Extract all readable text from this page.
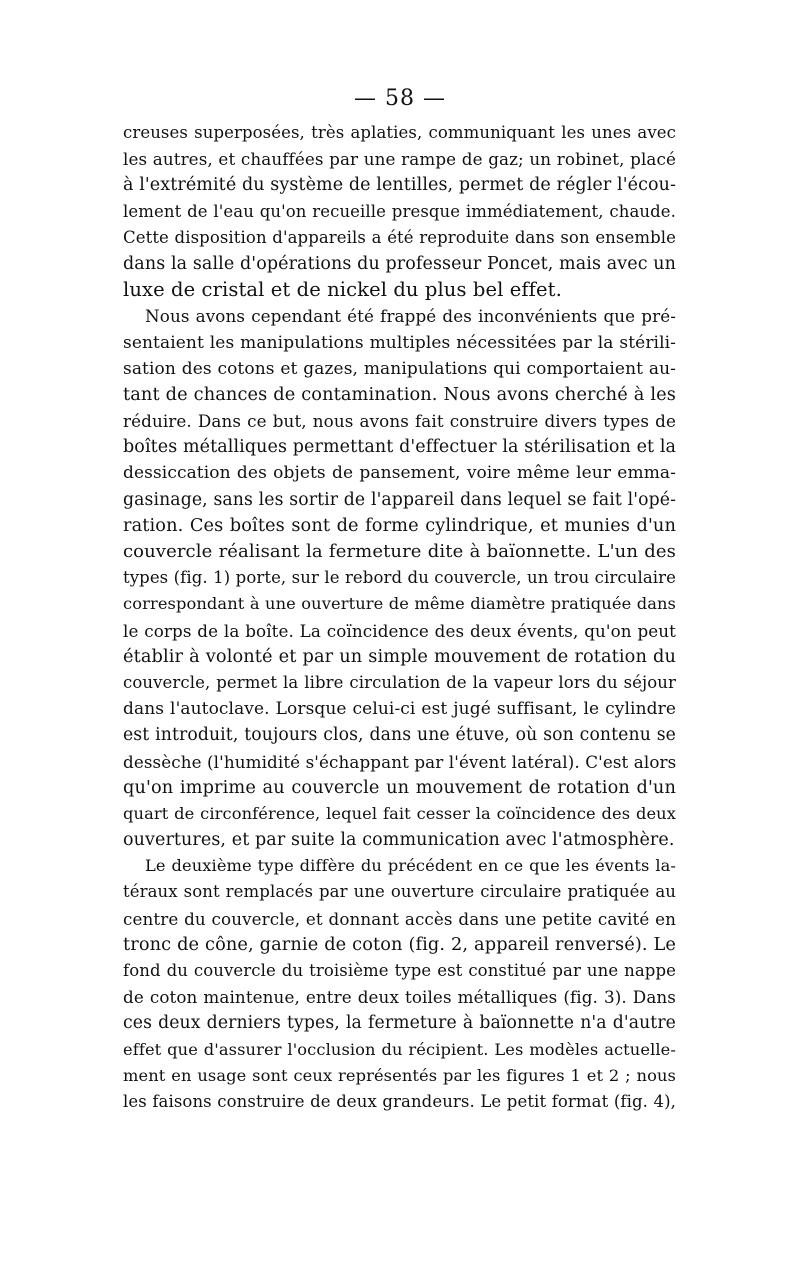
— 58 —
creuses superposées, très aplaties, communiquant les unes avec
les autres, et chauffées par une rampe de gaz; un robinet, placé
à l'extrémité du système de lentilles, permet de régler l'écou-
lement de l'eau qu'on recueille presque immédiatement, chaude.
Cette disposition d'appareils a été reproduite dans son ensemble
dans la salle d'opérations du professeur Poncet, mais avec un
luxe de cristal et de nickel du plus bel effet.
Nous avons cependant été frappé des inconvénients que pré-
sentaient les manipulations multiples nécessitées par la stérili-
sation des cotons et gazes, manipulations qui comportaient au-
tant de chances de contamination. Nous avons cherché à les
réduire. Dans ce but, nous avons fait construire divers types de
boîtes métalliques permettant d'effectuer la stérilisation et la
dessiccation des objets de pansement, voire même leur emma-
gasinage, sans les sortir de l'appareil dans lequel se fait l'opé-
ration. Ces boîtes sont de forme cylindrique, et munies d'un
couvercle réalisant la fermeture dite à baïonnette. L'un des
types (fig. 1) porte, sur le rebord du couvercle, un trou circulaire
correspondant à une ouverture de même diamètre pratiquée dans
le corps de la boîte. La coïncidence des deux évents, qu'on peut
établir à volonté et par un simple mouvement de rotation du
couvercle, permet la libre circulation de la vapeur lors du séjour
dans l'autoclave. Lorsque celui-ci est jugé suffisant, le cylindre
est introduit, toujours clos, dans une étuve, où son contenu se
dessèche (l'humidité s'échappant par l'évent latéral). C'est alors
qu'on imprime au couvercle un mouvement de rotation d'un
quart de circonférence, lequel fait cesser la coïncidence des deux
ouvertures, et par suite la communication avec l'atmosphère.
Le deuxième type diffère du précédent en ce que les évents la-
téraux sont remplacés par une ouverture circulaire pratiquée au
centre du couvercle, et donnant accès dans une petite cavité en
tronc de cône, garnie de coton (fig. 2, appareil renversé). Le
fond du couvercle du troisième type est constitué par une nappe
de coton maintenue, entre deux toiles métalliques (fig. 3). Dans
ces deux derniers types, la fermeture à baïonnette n'a d'autre
effet que d'assurer l'occlusion du récipient. Les modèles actuelle-
ment en usage sont ceux représentés par les figures 1 et 2 ; nous
les faisons construire de deux grandeurs. Le petit format (fig. 4),
